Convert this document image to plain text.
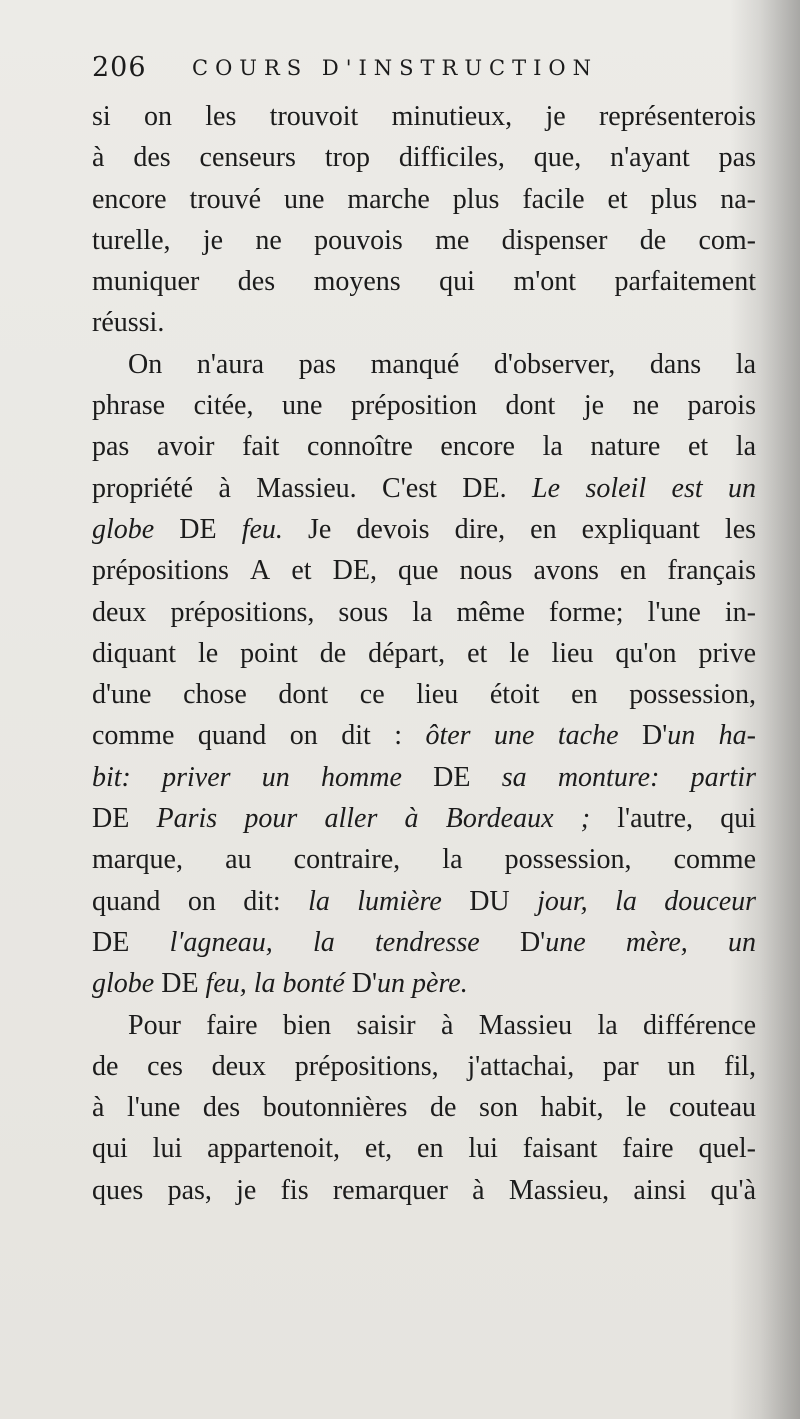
206 COURS D'INSTRUCTION
si on les trouvoit minutieux, je représenterois
à des censeurs trop difficiles, que, n'ayant pas
encore trouvé une marche plus facile et plus na-
turelle, je ne pouvois me dispenser de com-
muniquer des moyens qui m'ont parfaitement
réussi.
On n'aura pas manqué d'observer, dans la
phrase citée, une préposition dont je ne parois
pas avoir fait connoître encore la nature et la
propriété à Massieu. C'est DE. Le soleil est un
globe DE feu. Je devois dire, en expliquant les
prépositions A et DE, que nous avons en français
deux prépositions, sous la même forme; l'une in-
diquant le point de départ, et le lieu qu'on prive
d'une chose dont ce lieu étoit en possession,
comme quand on dit : ôter une tache D'un ha-
bit: priver un homme DE sa monture: partir
DE Paris pour aller à Bordeaux ; l'autre, qui
marque, au contraire, la possession, comme
quand on dit: la lumière DU jour, la douceur
DE l'agneau, la tendresse D'une mère, un
globe DE feu, la bonté D'un père.
Pour faire bien saisir à Massieu la différence
de ces deux prépositions, j'attachai, par un fil,
à l'une des boutonnières de son habit, le couteau
qui lui appartenoit, et, en lui faisant faire quel-
ques pas, je fis remarquer à Massieu, ainsi qu'à
